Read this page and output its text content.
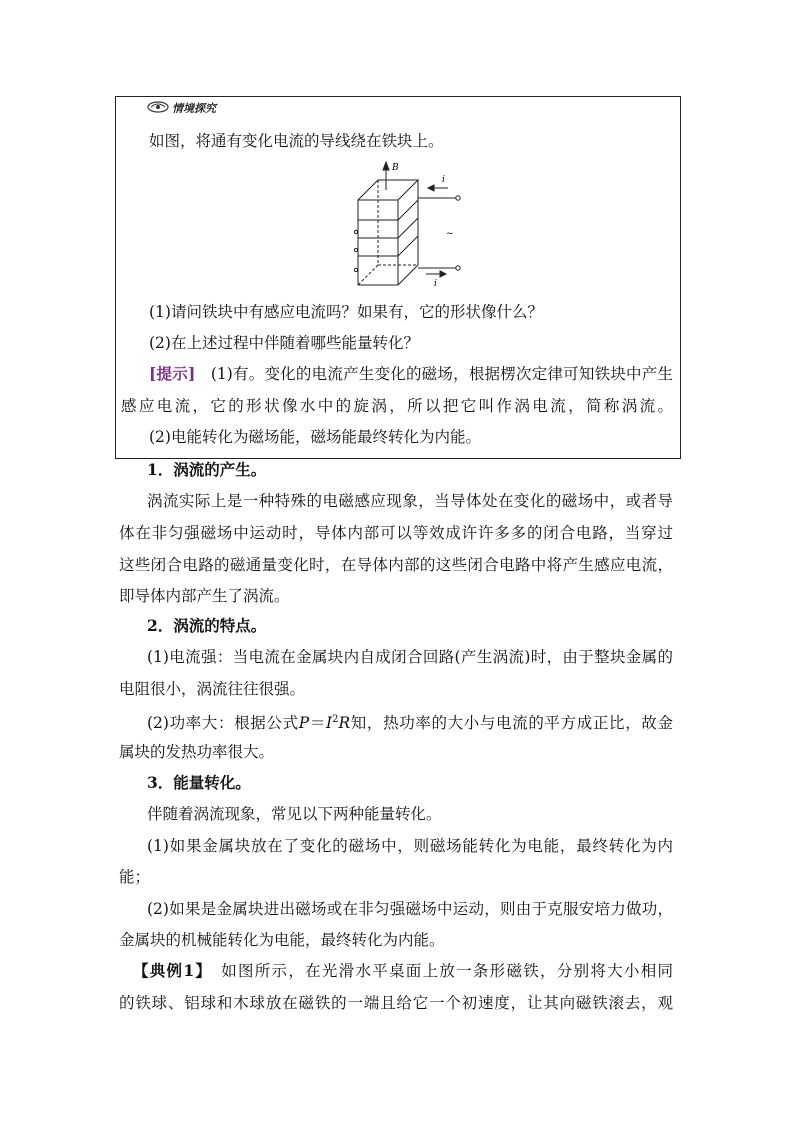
情境探究
如图，将通有变化电流的导线绕在铁块上。
B
i
i
~
(1)请问铁块中有感应电流吗？如果有，它的形状像什么？
(2)在上述过程中伴随着哪些能量转化？
[提示]  (1)有。变化的电流产生变化的磁场，根据楞次定律可知铁块中产生
感应电流，它的形状像水中的旋涡，所以把它叫作涡电流，简称涡流。
(2)电能转化为磁场能，磁场能最终转化为内能。
1．涡流的产生。
涡流实际上是一种特殊的电磁感应现象，当导体处在变化的磁场中，或者导
体在非匀强磁场中运动时，导体内部可以等效成许许多多的闭合电路，当穿过
这些闭合电路的磁通量变化时，在导体内部的这些闭合电路中将产生感应电流，
即导体内部产生了涡流。
2．涡流的特点。
(1)电流强：当电流在金属块内自成闭合回路(产生涡流)时，由于整块金属的
电阻很小，涡流往往很强。
(2)功率大：根据公式$P=I^2R$知，热功率的大小与电流的平方成正比，故金
属块的发热功率很大。
3．能量转化。
伴随着涡流现象，常见以下两种能量转化。
(1)如果金属块放在了变化的磁场中，则磁场能转化为电能，最终转化为内
能；
(2)如果是金属块进出磁场或在非匀强磁场中运动，则由于克服安培力做功，
金属块的机械能转化为电能，最终转化为内能。
【典例1】  如图所示，在光滑水平桌面上放一条形磁铁，分别将大小相同
的铁球、铝球和木球放在磁铁的一端且给它一个初速度，让其向磁铁滚去，观
